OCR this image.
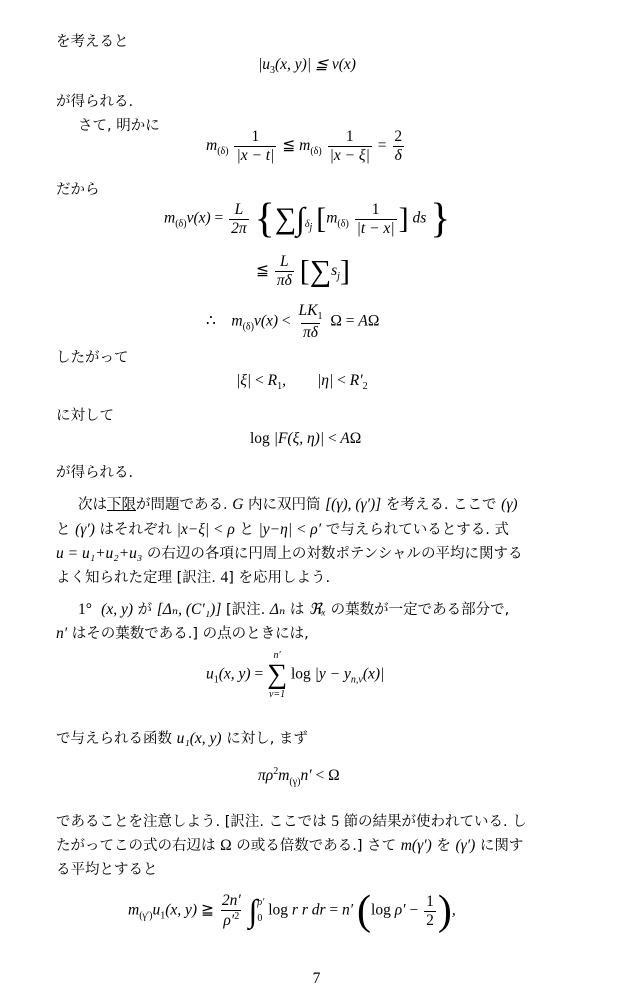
を考えると
$|u_3(x$, y)| ≦ v(x)
が得られる.
さて, 明かに
$m_{(\delta)} \frac{1}{|x - t|}$ ≦ $m_{(\delta)} \frac{1}{|x - \xi|} = \frac{2}{\delta}$
だから
$m_{(\delta)}v(x) = \frac{L}{2\pi} \{\sum\int_{\delta_j}$ [$m_{(\delta)} \frac{1}{|t - x|}$ ] ds }
≦ $\frac{L}{\pi\delta} [\sum s_j]$
∴    $m_{(\delta)}v(x) < \frac{LK_1}{\pi\delta}$ Ω = AΩ
したがって
$|\xi| < R_1$,        $|\eta| < R'_2$
に対して
log |F(ξ, η)| < AΩ
が得られる.
次は下限が問題である. G 内に双円筒 [(γ), (γ′)] を考える. ここで (γ)
と (γ′) はそれぞれ |x−ξ| < ρ と |y−η| < ρ′ で与えられているとする. 式
u = u₁+u₂+u₃ の右辺の各項に円周上の対数ポテンシャルの平均に関する
よく知られた定理 [訳注. 4] を応用しよう.
1° (x, y) が [Δₙ, (C′₁)] [訳注. Δₙ は ℜₓ の葉数が一定である部分で,
n′ はその葉数である.] の点のときには,
$u_1(x$, y) =
n′
∑
ν=1
$\log |y - y_{n,\nu}(x)|$
で与えられる函数 u₁(x, y) に対し, まず
$\pi\rho^2m_{(\gamma)}n' < \Omega$
であることを注意しよう. [訳注. ここでは 5 節の結果が使われている. し
たがってこの式の右辺は Ω の或る倍数である.] さて m(γ′) を (γ′) に関す
る平均とすると
$m_{(\gamma')}u_1(x$, y) ≧ $\frac{2n'}{\rho'^2}$ ∫ ρ′
0 log r r dr = n′ (log $\rho' - \frac{1}{2}$ ),
7
